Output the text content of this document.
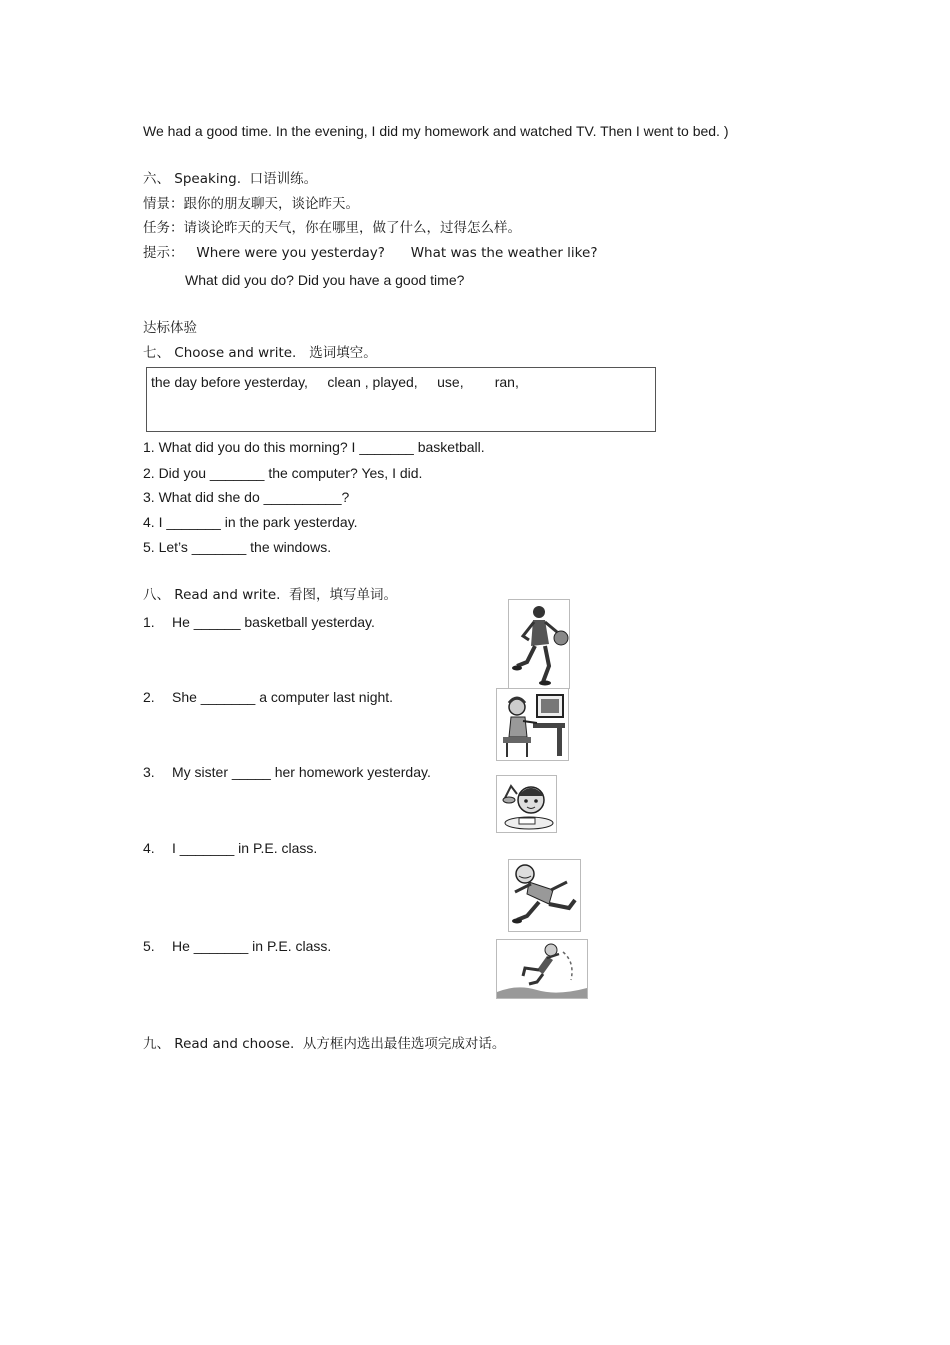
We had a good time. In the evening, I did my homework and watched TV. Then I went to bed. )
六、 Speaking.  口语训练。
情景：跟你的朋友聊天，谈论昨天。
任务：请谈论昨天的天气，你在哪里，做了什么，过得怎么样。
提示：   Where were you yesterday?      What was the weather like?
What did you do? Did you have a good time?
达标体验
七、 Choose and write.   选词填空。
the day before yesterday,     clean , played,     use,        ran,
1. What did you do this morning? I _______ basketball.
2. Did you _______ the computer? Yes, I did.
3. What did she do __________?
4. I _______ in the park yesterday.
5. Let’s _______ the windows.
八、 Read and write.  看图，填写单词。
1. He ______ basketball yesterday.
2. She _______ a computer last night.
3. My sister _____ her homework yesterday.
4. I _______ in P.E. class.
5. He _______ in P.E. class.
九、 Read and choose.  从方框内选出最佳选项完成对话。
